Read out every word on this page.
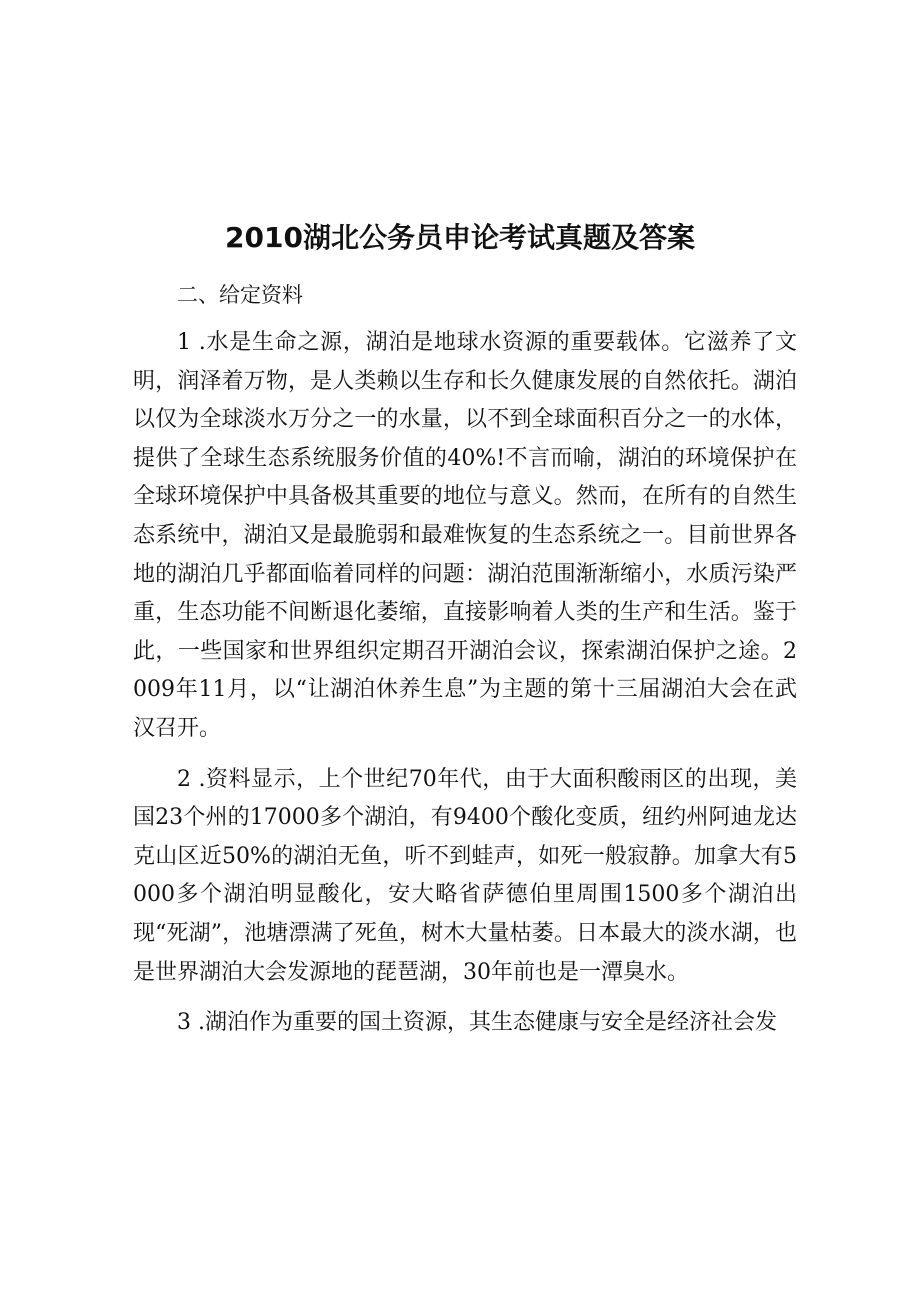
2010湖北公务员申论考试真题及答案

二、给定资料

1 .水是生命之源，湖泊是地球水资源的重要载体。它滋养了文明，润泽着万物，是人类赖以生存和长久健康发展的自然依托。湖泊以仅为全球淡水万分之一的水量，以不到全球面积百分之一的水体，提供了全球生态系统服务价值的40%!不言而喻，湖泊的环境保护在全球环境保护中具备极其重要的地位与意义。然而，在所有的自然生态系统中，湖泊又是最脆弱和最难恢复的生态系统之一。目前世界各地的湖泊几乎都面临着同样的问题：湖泊范围渐渐缩小，水质污染严重，生态功能不间断退化萎缩，直接影响着人类的生产和生活。鉴于此，一些国家和世界组织定期召开湖泊会议，探索湖泊保护之途。2009年11月，以“让湖泊休养生息”为主题的第十三届湖泊大会在武汉召开。

2 .资料显示，上个世纪70年代，由于大面积酸雨区的出现，美国23个州的17000多个湖泊，有9400个酸化变质，纽约州阿迪龙达克山区近50%的湖泊无鱼，听不到蛙声，如死一般寂静。加拿大有5000多个湖泊明显酸化，安大略省萨德伯里周围1500多个湖泊出现“死湖”，池塘漂满了死鱼，树木大量枯萎。日本最大的淡水湖，也是世界湖泊大会发源地的琵琶湖，30年前也是一潭臭水。

3 .湖泊作为重要的国土资源，其生态健康与安全是经济社会发
